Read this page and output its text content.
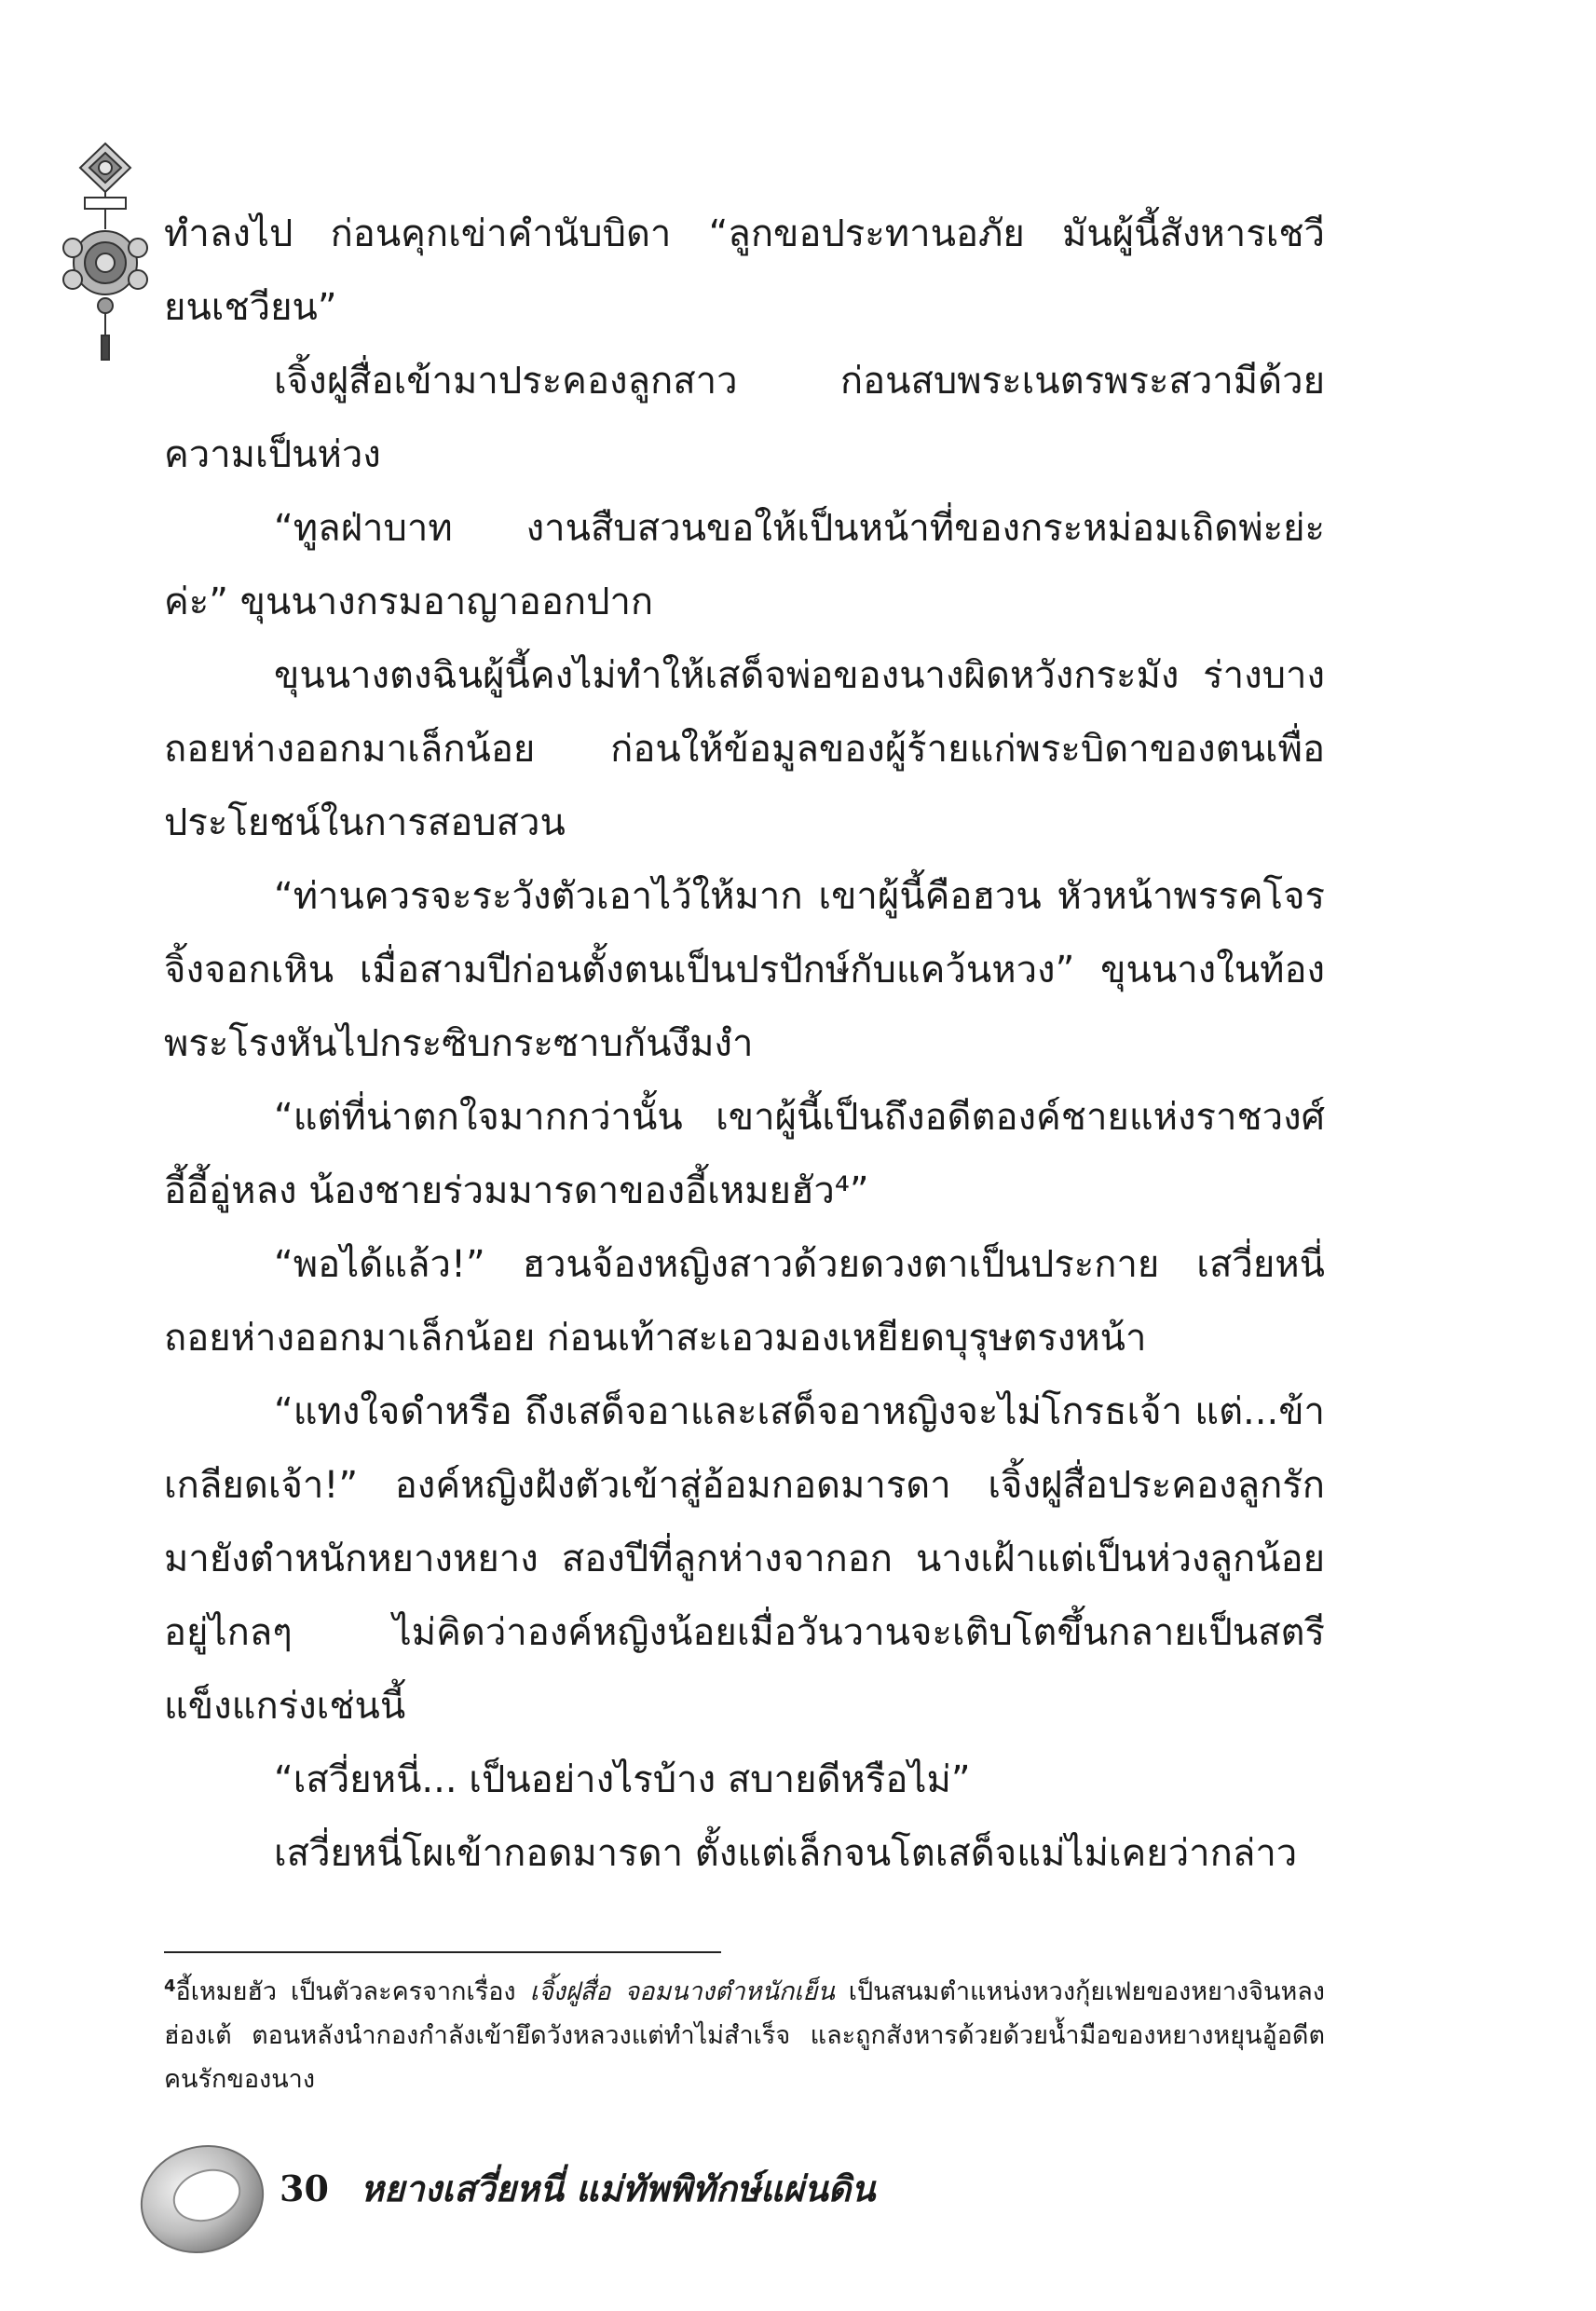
ทำลงไป ก่อนคุกเข่าคำนับบิดา “ลูกขอประทานอภัย มันผู้นี้สังหารเชวียนเชวียน”

เจิ้งฝูสื่อเข้ามาประคองลูกสาว ก่อนสบพระเนตรพระสวามีด้วยความเป็นห่วง

“ทูลฝ่าบาท งานสืบสวนขอให้เป็นหน้าที่ของกระหม่อมเถิดพ่ะย่ะค่ะ” ขุนนางกรมอาญาออกปาก

ขุนนางตงฉินผู้นี้คงไม่ทำให้เสด็จพ่อของนางผิดหวังกระมัง ร่างบางถอยห่างออกมาเล็กน้อย ก่อนให้ข้อมูลของผู้ร้ายแก่พระบิดาของตนเพื่อประโยชน์ในการสอบสวน

“ท่านควรจะระวังตัวเอาไว้ให้มาก เขาผู้นี้คือฮวน หัวหน้าพรรคโจรจิ้งจอกเหิน เมื่อสามปีก่อนตั้งตนเป็นปรปักษ์กับแคว้นหวง” ขุนนางในท้องพระโรงหันไปกระซิบกระซาบกันงึมงำ

“แต่ที่น่าตกใจมากกว่านั้น เขาผู้นี้เป็นถึงอดีตองค์ชายแห่งราชวงศ์อี้อี้อู่หลง น้องชายร่วมมารดาของอี้เหมยฮัว⁴”

“พอได้แล้ว!” ฮวนจ้องหญิงสาวด้วยดวงตาเป็นประกาย เสวี่ยหนี่ถอยห่างออกมาเล็กน้อย ก่อนเท้าสะเอวมองเหยียดบุรุษตรงหน้า

“แทงใจดำหรือ ถึงเสด็จอาและเสด็จอาหญิงจะไม่โกรธเจ้า แต่...ข้าเกลียดเจ้า!” องค์หญิงฝังตัวเข้าสู่อ้อมกอดมารดา เจิ้งฝูสื่อประคองลูกรักมายังตำหนักหยางหยาง สองปีที่ลูกห่างจากอก นางเฝ้าแต่เป็นห่วงลูกน้อยอยู่ไกลๆ ไม่คิดว่าองค์หญิงน้อยเมื่อวันวานจะเติบโตขึ้นกลายเป็นสตรีแข็งแกร่งเช่นนี้

“เสวี่ยหนี่... เป็นอย่างไรบ้าง สบายดีหรือไม่”

เสวี่ยหนี่โผเข้ากอดมารดา ตั้งแต่เล็กจนโตเสด็จแม่ไม่เคยว่ากล่าว

$^4$อี้เหมยฮัว เป็นตัวละครจากเรื่อง เจิ้งฝูสื่อ จอมนางตำหนักเย็น เป็นสนมตำแหน่งหวงกุ้ยเฟยของหยางจินหลงฮ่องเต้ ตอนหลังนำกองกำลังเข้ายึดวังหลวงแต่ทำไม่สำเร็จ และถูกสังหารด้วยด้วยน้ำมือของหยางหยุนอู้อดีตคนรักของนาง
30 หยางเสวี่ยหนี่ แม่ทัพพิทักษ์แผ่นดิน
